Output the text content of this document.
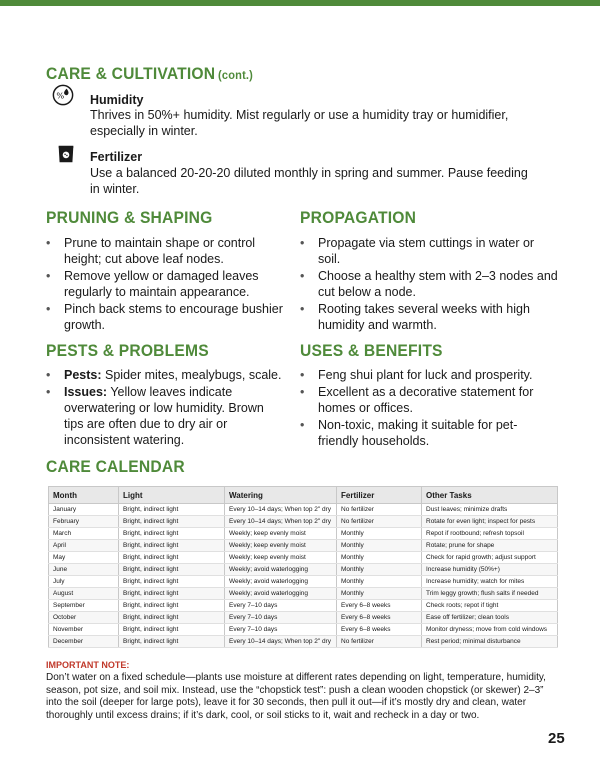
CARE & CULTIVATION (cont.)
% Humidity
Thrives in 50%+ humidity. Mist regularly or use a humidity tray or humidifier, especially in winter.
Fertilizer
Use a balanced 20-20-20 diluted monthly in spring and summer. Pause feeding in winter.
PRUNING & SHAPING
• Prune to maintain shape or control height; cut above leaf nodes.
• Remove yellow or damaged leaves regularly to maintain appearance.
• Pinch back stems to encourage bushier growth.
PROPAGATION
• Propagate via stem cuttings in water or soil.
• Choose a healthy stem with 2–3 nodes and cut below a node.
• Rooting takes several weeks with high humidity and warmth.
PESTS & PROBLEMS
• Pests: Spider mites, mealybugs, scale.
• Issues: Yellow leaves indicate overwatering or low humidity. Brown tips are often due to dry air or inconsistent watering.
USES & BENEFITS
• Feng shui plant for luck and prosperity.
• Excellent as a decorative statement for homes or offices.
• Non-toxic, making it suitable for pet-friendly households.
CARE CALENDAR
Month	Light	Watering	Fertilizer	Other Tasks
January	Bright, indirect light	Every 10–14 days; When top 2" dry	No fertilizer	Dust leaves; minimize drafts
February	Bright, indirect light	Every 10–14 days; When top 2" dry	No fertilizer	Rotate for even light; inspect for pests
March	Bright, indirect light	Weekly; keep evenly moist	Monthly	Repot if rootbound; refresh topsoil
April	Bright, indirect light	Weekly; keep evenly moist	Monthly	Rotate; prune for shape
May	Bright, indirect light	Weekly; keep evenly moist	Monthly	Check for rapid growth; adjust support
June	Bright, indirect light	Weekly; avoid waterlogging	Monthly	Increase humidity (50%+)
July	Bright, indirect light	Weekly; avoid waterlogging	Monthly	Increase humidity; watch for mites
August	Bright, indirect light	Weekly; avoid waterlogging	Monthly	Trim leggy growth; flush salts if needed
September	Bright, indirect light	Every 7–10 days	Every 6–8 weeks	Check roots; repot if tight
October	Bright, indirect light	Every 7–10 days	Every 6–8 weeks	Ease off fertilizer; clean tools
November	Bright, indirect light	Every 7–10 days	Every 6–8 weeks	Monitor dryness; move from cold windows
December	Bright, indirect light	Every 10–14 days; When top 2" dry	No fertilizer	Rest period; minimal disturbance
IMPORTANT NOTE:
Don’t water on a fixed schedule—plants use moisture at different rates depending on light, temperature, humidity, season, pot size, and soil mix. Instead, use the “chopstick test”: push a clean wooden chopstick (or skewer) 2–3” into the soil (deeper for large pots), leave it for 30 seconds, then pull it out—if it’s mostly dry and clean, water thoroughly until excess drains; if it’s dark, cool, or soil sticks to it, wait and recheck in a day or two.
25
